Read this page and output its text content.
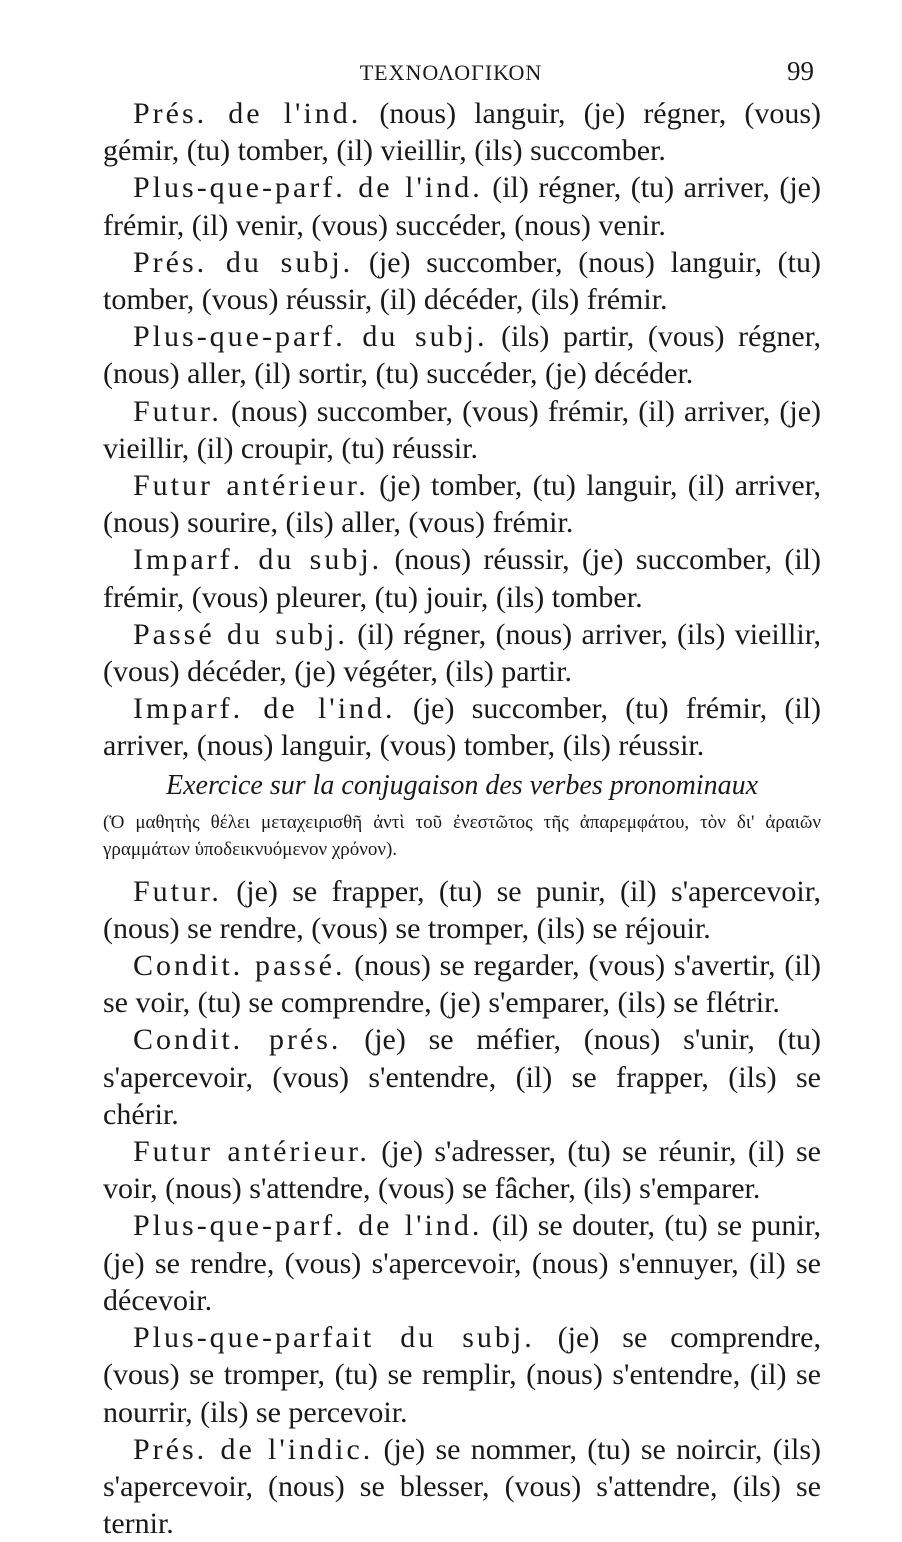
ΤΕΧΝΟΛΟΓΙΚΟΝ	99

Prés. de l'ind. (nous) languir, (je) régner, (vous) gémir, (tu) tomber, (il) vieillir, (ils) succomber.

Plus-que-parf. de l'ind. (il) régner, (tu) arriver, (je) frémir, (il) venir, (vous) succéder, (nous) venir.

Prés. du subj. (je) succomber, (nous) languir, (tu) tomber, (vous) réussir, (il) décéder, (ils) frémir.

Plus-que-parf. du subj. (ils) partir, (vous) régner, (nous) aller, (il) sortir, (tu) succéder, (je) décéder.

Futur. (nous) succomber, (vous) frémir, (il) arriver, (je) vieillir, (il) croupir, (tu) réussir.

Futur antérieur. (je) tomber, (tu) languir, (il) arriver, (nous) sourire, (ils) aller, (vous) frémir.

Imparf. du subj. (nous) réussir, (je) succomber, (il) frémir, (vous) pleurer, (tu) jouir, (ils) tomber.

Passé du subj. (il) régner, (nous) arriver, (ils) vieillir, (vous) décéder, (je) végéter, (ils) partir.

Imparf. de l'ind. (je) succomber, (tu) frémir, (il) arriver, (nous) languir, (vous) tomber, (ils) réussir.

Exercice sur la conjugaison des verbes pronominaux

(Ὁ μαθητὴς θέλει μεταχειρισθῆ ἀντὶ τοῦ ἐνεστῶτος τῆς ἀπαρεμφάτου, τὸν δι' ἀραιῶν γραμμάτων ὑποδεικνυόμενον χρόνον).

Futur. (je) se frapper, (tu) se punir, (il) s'apercevoir, (nous) se rendre, (vous) se tromper, (ils) se réjouir.

Condit. passé. (nous) se regarder, (vous) s'avertir, (il) se voir, (tu) se comprendre, (je) s'emparer, (ils) se flétrir.

Condit. prés. (je) se méfier, (nous) s'unir, (tu) s'apercevoir, (vous) s'entendre, (il) se frapper, (ils) se chérir.

Futur antérieur. (je) s'adresser, (tu) se réunir, (il) se voir, (nous) s'attendre, (vous) se fâcher, (ils) s'emparer.

Plus-que-parf. de l'ind. (il) se douter, (tu) se punir, (je) se rendre, (vous) s'apercevoir, (nous) s'ennuyer, (il) se décevoir.

Plus-que-parfait du subj. (je) se comprendre, (vous) se tromper, (tu) se remplir, (nous) s'entendre, (il) se nourrir, (ils) se percevoir.

Prés. de l'indic. (je) se nommer, (tu) se noircir, (ils) s'apercevoir, (nous) se blesser, (vous) s'attendre, (ils) se ternir.
